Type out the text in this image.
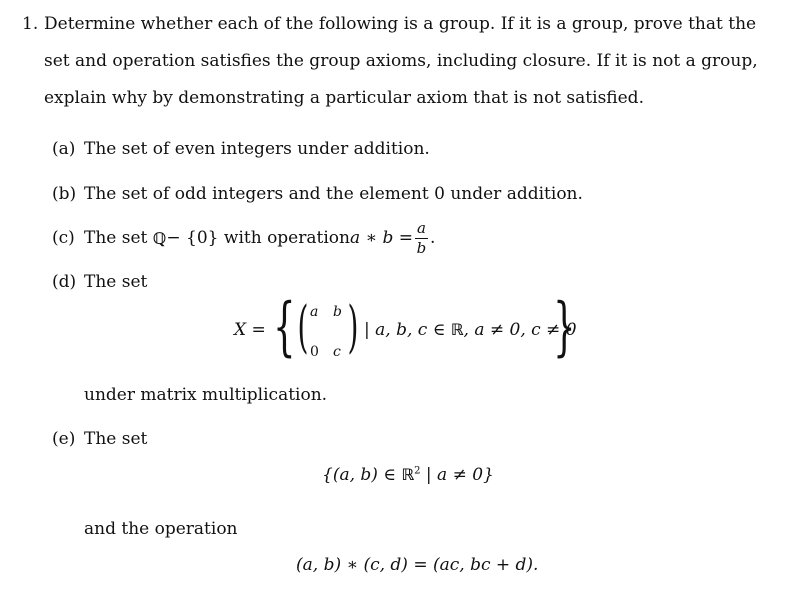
1. Determine whether each of the following is a group. If it is a group, prove that the
set and operation satisfies the group axioms, including closure. If it is not a group,
explain why by demonstrating a particular axiom that is not satisfied.
(a) The set of even integers under addition.
(b) The set of odd integers and the element 0 under addition.
(c) The set
ℚ − {0} with operation a ∗ $b = \frac{a}{b}$ .
(d) The set
X = { ( a b
0 c ) | a, b, c ∈ ℝ, a ≠ 0, c ≠ 0
}
under matrix multiplication.
(e) The set
{(a, b) ∈ ℝ$^2$ | a ≠ 0}
and the operation
(a, b) ∗ (c, d) = (ac, bc + d).
